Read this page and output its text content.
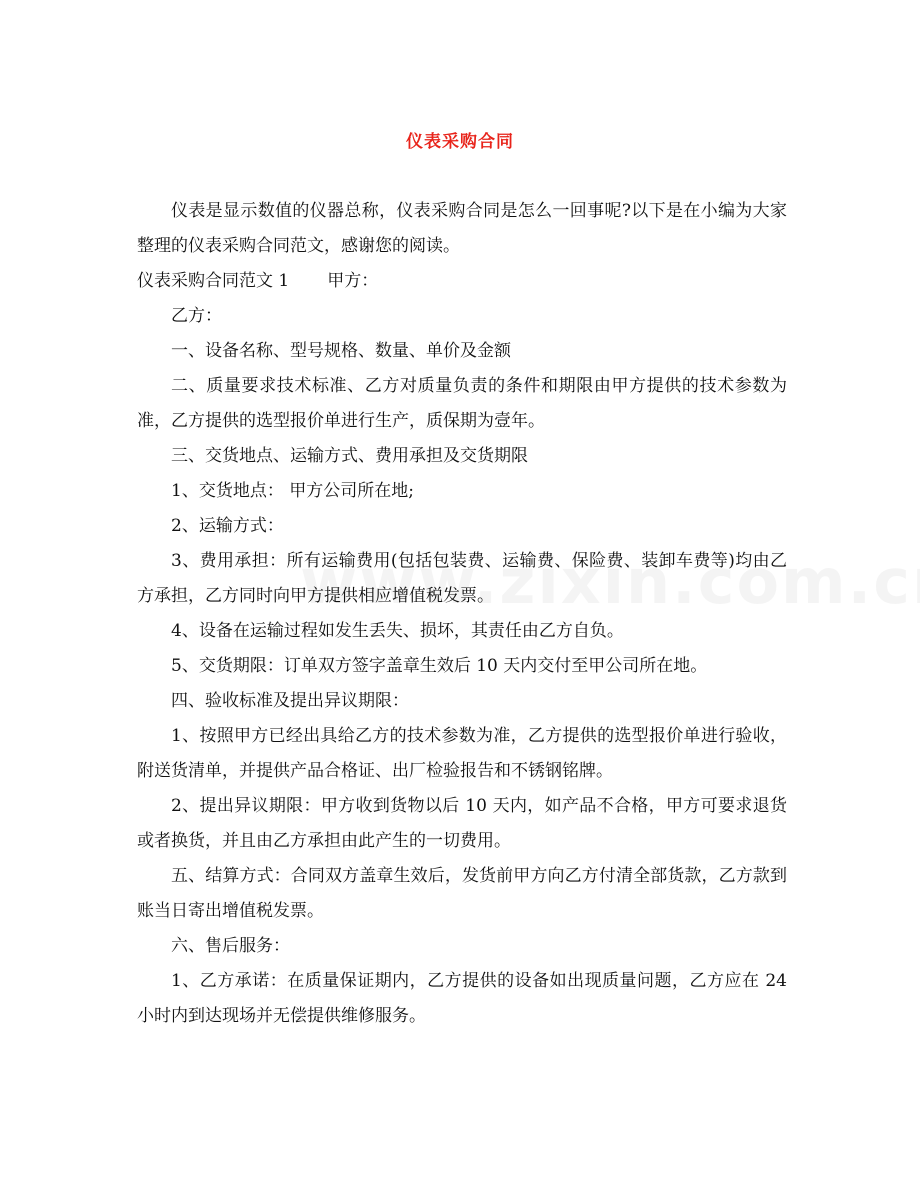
仪表采购合同

仪表是显示数值的仪器总称，仪表采购合同是怎么一回事呢?以下是在小编为大家整理的仪表采购合同范文，感谢您的阅读。

仪表采购合同范文 1 甲方：

乙方：

一、设备名称、型号规格、数量、单价及金额

二、质量要求技术标准、乙方对质量负责的条件和期限由甲方提供的技术参数为准，乙方提供的选型报价单进行生产，质保期为壹年。

三、交货地点、运输方式、费用承担及交货期限

1、交货地点： 甲方公司所在地;

2、运输方式：

3、费用承担：所有运输费用(包括包装费、运输费、保险费、装卸车费等)均由乙方承担，乙方同时向甲方提供相应增值税发票。

4、设备在运输过程如发生丢失、损坏，其责任由乙方自负。

5、交货期限：订单双方签字盖章生效后 10 天内交付至甲公司所在地。

四、验收标准及提出异议期限：

1、按照甲方已经出具给乙方的技术参数为准，乙方提供的选型报价单进行验收，附送货清单，并提供产品合格证、出厂检验报告和不锈钢铭牌。

2、提出异议期限：甲方收到货物以后 10 天内，如产品不合格，甲方可要求退货或者换货，并且由乙方承担由此产生的一切费用。

五、结算方式：合同双方盖章生效后，发货前甲方向乙方付清全部货款，乙方款到账当日寄出增值税发票。

六、售后服务：

1、乙方承诺：在质量保证期内，乙方提供的设备如出现质量问题，乙方应在 24 小时内到达现场并无偿提供维修服务。
